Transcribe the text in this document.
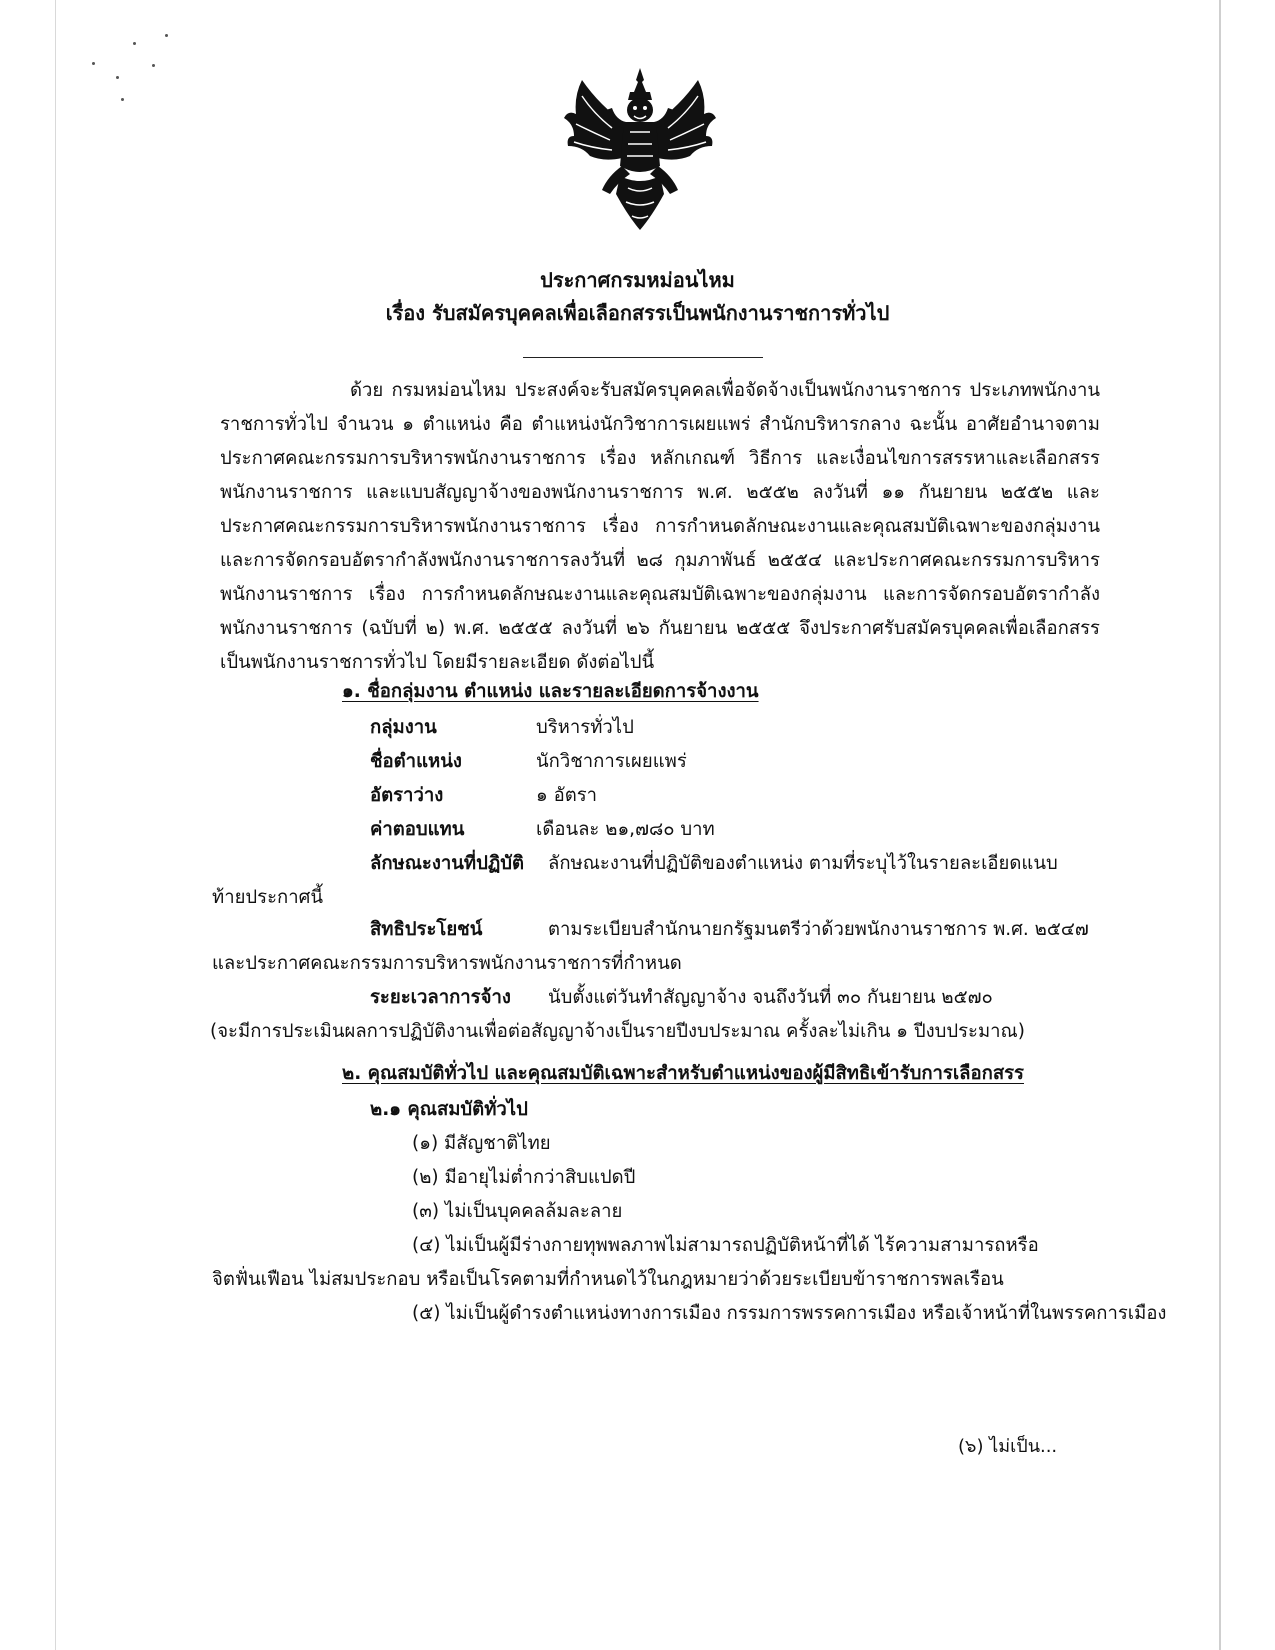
ประกาศกรมหม่อนไหม
เรื่อง รับสมัครบุคคลเพื่อเลือกสรรเป็นพนักงานราชการทั่วไป
ด้วย กรมหม่อนไหม ประสงค์จะรับสมัครบุคคลเพื่อจัดจ้างเป็นพนักงานราชการ ประเภทพนักงานราชการทั่วไป จำนวน ๑ ตำแหน่ง คือ ตำแหน่งนักวิชาการเผยแพร่ สำนักบริหารกลาง ฉะนั้น อาศัยอำนาจตามประกาศคณะกรรมการบริหารพนักงานราชการ เรื่อง หลักเกณฑ์ วิธีการ และเงื่อนไขการสรรหาและเลือกสรรพนักงานราชการ และแบบสัญญาจ้างของพนักงานราชการ พ.ศ. ๒๕๕๒ ลงวันที่ ๑๑ กันยายน ๒๕๕๒ และประกาศคณะกรรมการบริหารพนักงานราชการ เรื่อง การกำหนดลักษณะงานและคุณสมบัติเฉพาะของกลุ่มงาน และการจัดกรอบอัตรากำลังพนักงานราชการลงวันที่ ๒๘ กุมภาพันธ์ ๒๕๕๔ และประกาศคณะกรรมการบริหารพนักงานราชการ เรื่อง การกำหนดลักษณะงานและคุณสมบัติเฉพาะของกลุ่มงาน และการจัดกรอบอัตรากำลังพนักงานราชการ (ฉบับที่ ๒) พ.ศ. ๒๕๕๕ ลงวันที่ ๒๖ กันยายน ๒๕๕๕ จึงประกาศรับสมัครบุคคลเพื่อเลือกสรรเป็นพนักงานราชการทั่วไป โดยมีรายละเอียด ดังต่อไปนี้
๑. ชื่อกลุ่มงาน ตำแหน่ง และรายละเอียดการจ้างงาน
กลุ่มงาน	บริหารทั่วไป
ชื่อตำแหน่ง	นักวิชาการเผยแพร่
อัตราว่าง	๑ อัตรา
ค่าตอบแทน	เดือนละ ๒๑,๗๘๐ บาท
ลักษณะงานที่ปฏิบัติ ลักษณะงานที่ปฏิบัติของตำแหน่ง ตามที่ระบุไว้ในรายละเอียดแนบ
ท้ายประกาศนี้
สิทธิประโยชน์	ตามระเบียบสำนักนายกรัฐมนตรีว่าด้วยพนักงานราชการ พ.ศ. ๒๕๔๗
และประกาศคณะกรรมการบริหารพนักงานราชการที่กำหนด
ระยะเวลาการจ้าง นับตั้งแต่วันทำสัญญาจ้าง จนถึงวันที่ ๓๐ กันยายน ๒๕๗๐
(จะมีการประเมินผลการปฏิบัติงานเพื่อต่อสัญญาจ้างเป็นรายปีงบประมาณ ครั้งละไม่เกิน ๑ ปีงบประมาณ)
๒. คุณสมบัติทั่วไป และคุณสมบัติเฉพาะสำหรับตำแหน่งของผู้มีสิทธิเข้ารับการเลือกสรร
๒.๑ คุณสมบัติทั่วไป
(๑) มีสัญชาติไทย
(๒) มีอายุไม่ต่ำกว่าสิบแปดปี
(๓) ไม่เป็นบุคคลล้มละลาย
(๔) ไม่เป็นผู้มีร่างกายทุพพลภาพไม่สามารถปฏิบัติหน้าที่ได้ ไร้ความสามารถหรือ
จิตฟั่นเฟือน ไม่สมประกอบ หรือเป็นโรคตามที่กำหนดไว้ในกฎหมายว่าด้วยระเบียบข้าราชการพลเรือน
(๕) ไม่เป็นผู้ดำรงตำแหน่งทางการเมือง กรรมการพรรคการเมือง หรือเจ้าหน้าที่ในพรรคการเมือง
(๖) ไม่เป็น...
